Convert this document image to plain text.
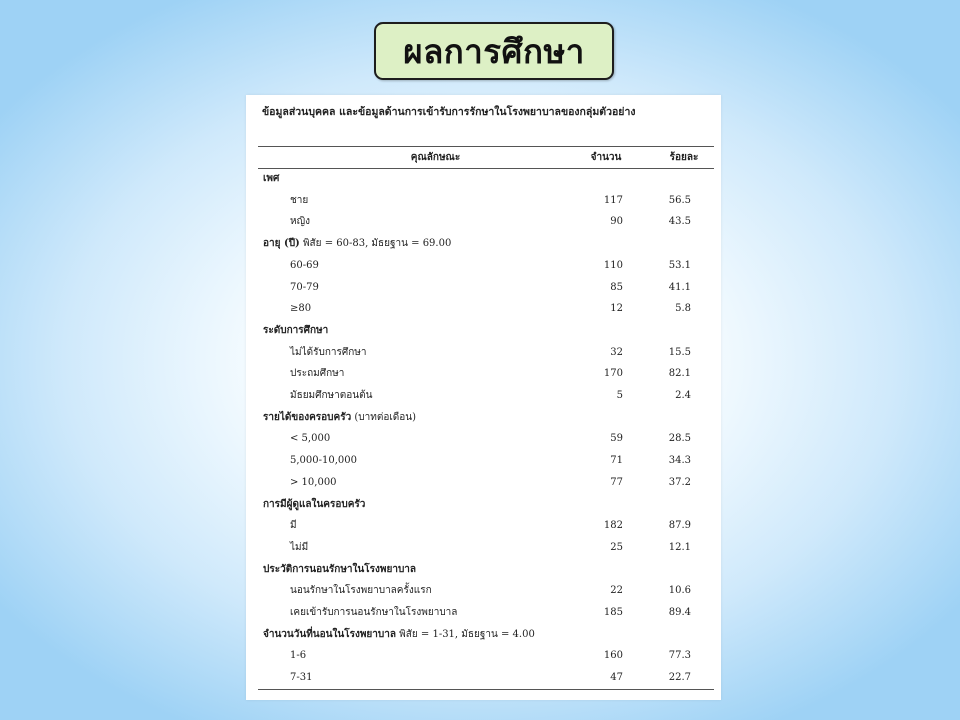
ผลการศึกษา
ข้อมูลส่วนบุคคล และข้อมูลด้านการเข้ารับการรักษาในโรงพยาบาลของกลุ่มตัวอย่าง
คุณลักษณะ	จำนวน	ร้อยละ
เพศ
ชาย	117	56.5
หญิง	90	43.5
อายุ (ปี) พิสัย = 60-83, มัธยฐาน = 69.00
60-69	110	53.1
70-79	85	41.1
≥80	12	5.8
ระดับการศึกษา
ไม่ได้รับการศึกษา	32	15.5
ประถมศึกษา	170	82.1
มัธยมศึกษาตอนต้น	5	2.4
รายได้ของครอบครัว (บาทต่อเดือน)
< 5,000	59	28.5
5,000-10,000	71	34.3
> 10,000	77	37.2
การมีผู้ดูแลในครอบครัว
มี	182	87.9
ไม่มี	25	12.1
ประวัติการนอนรักษาในโรงพยาบาล
นอนรักษาในโรงพยาบาลครั้งแรก	22	10.6
เคยเข้ารับการนอนรักษาในโรงพยาบาล	185	89.4
จำนวนวันที่นอนในโรงพยาบาล พิสัย = 1-31, มัธยฐาน = 4.00
1-6	160	77.3
7-31	47	22.7
